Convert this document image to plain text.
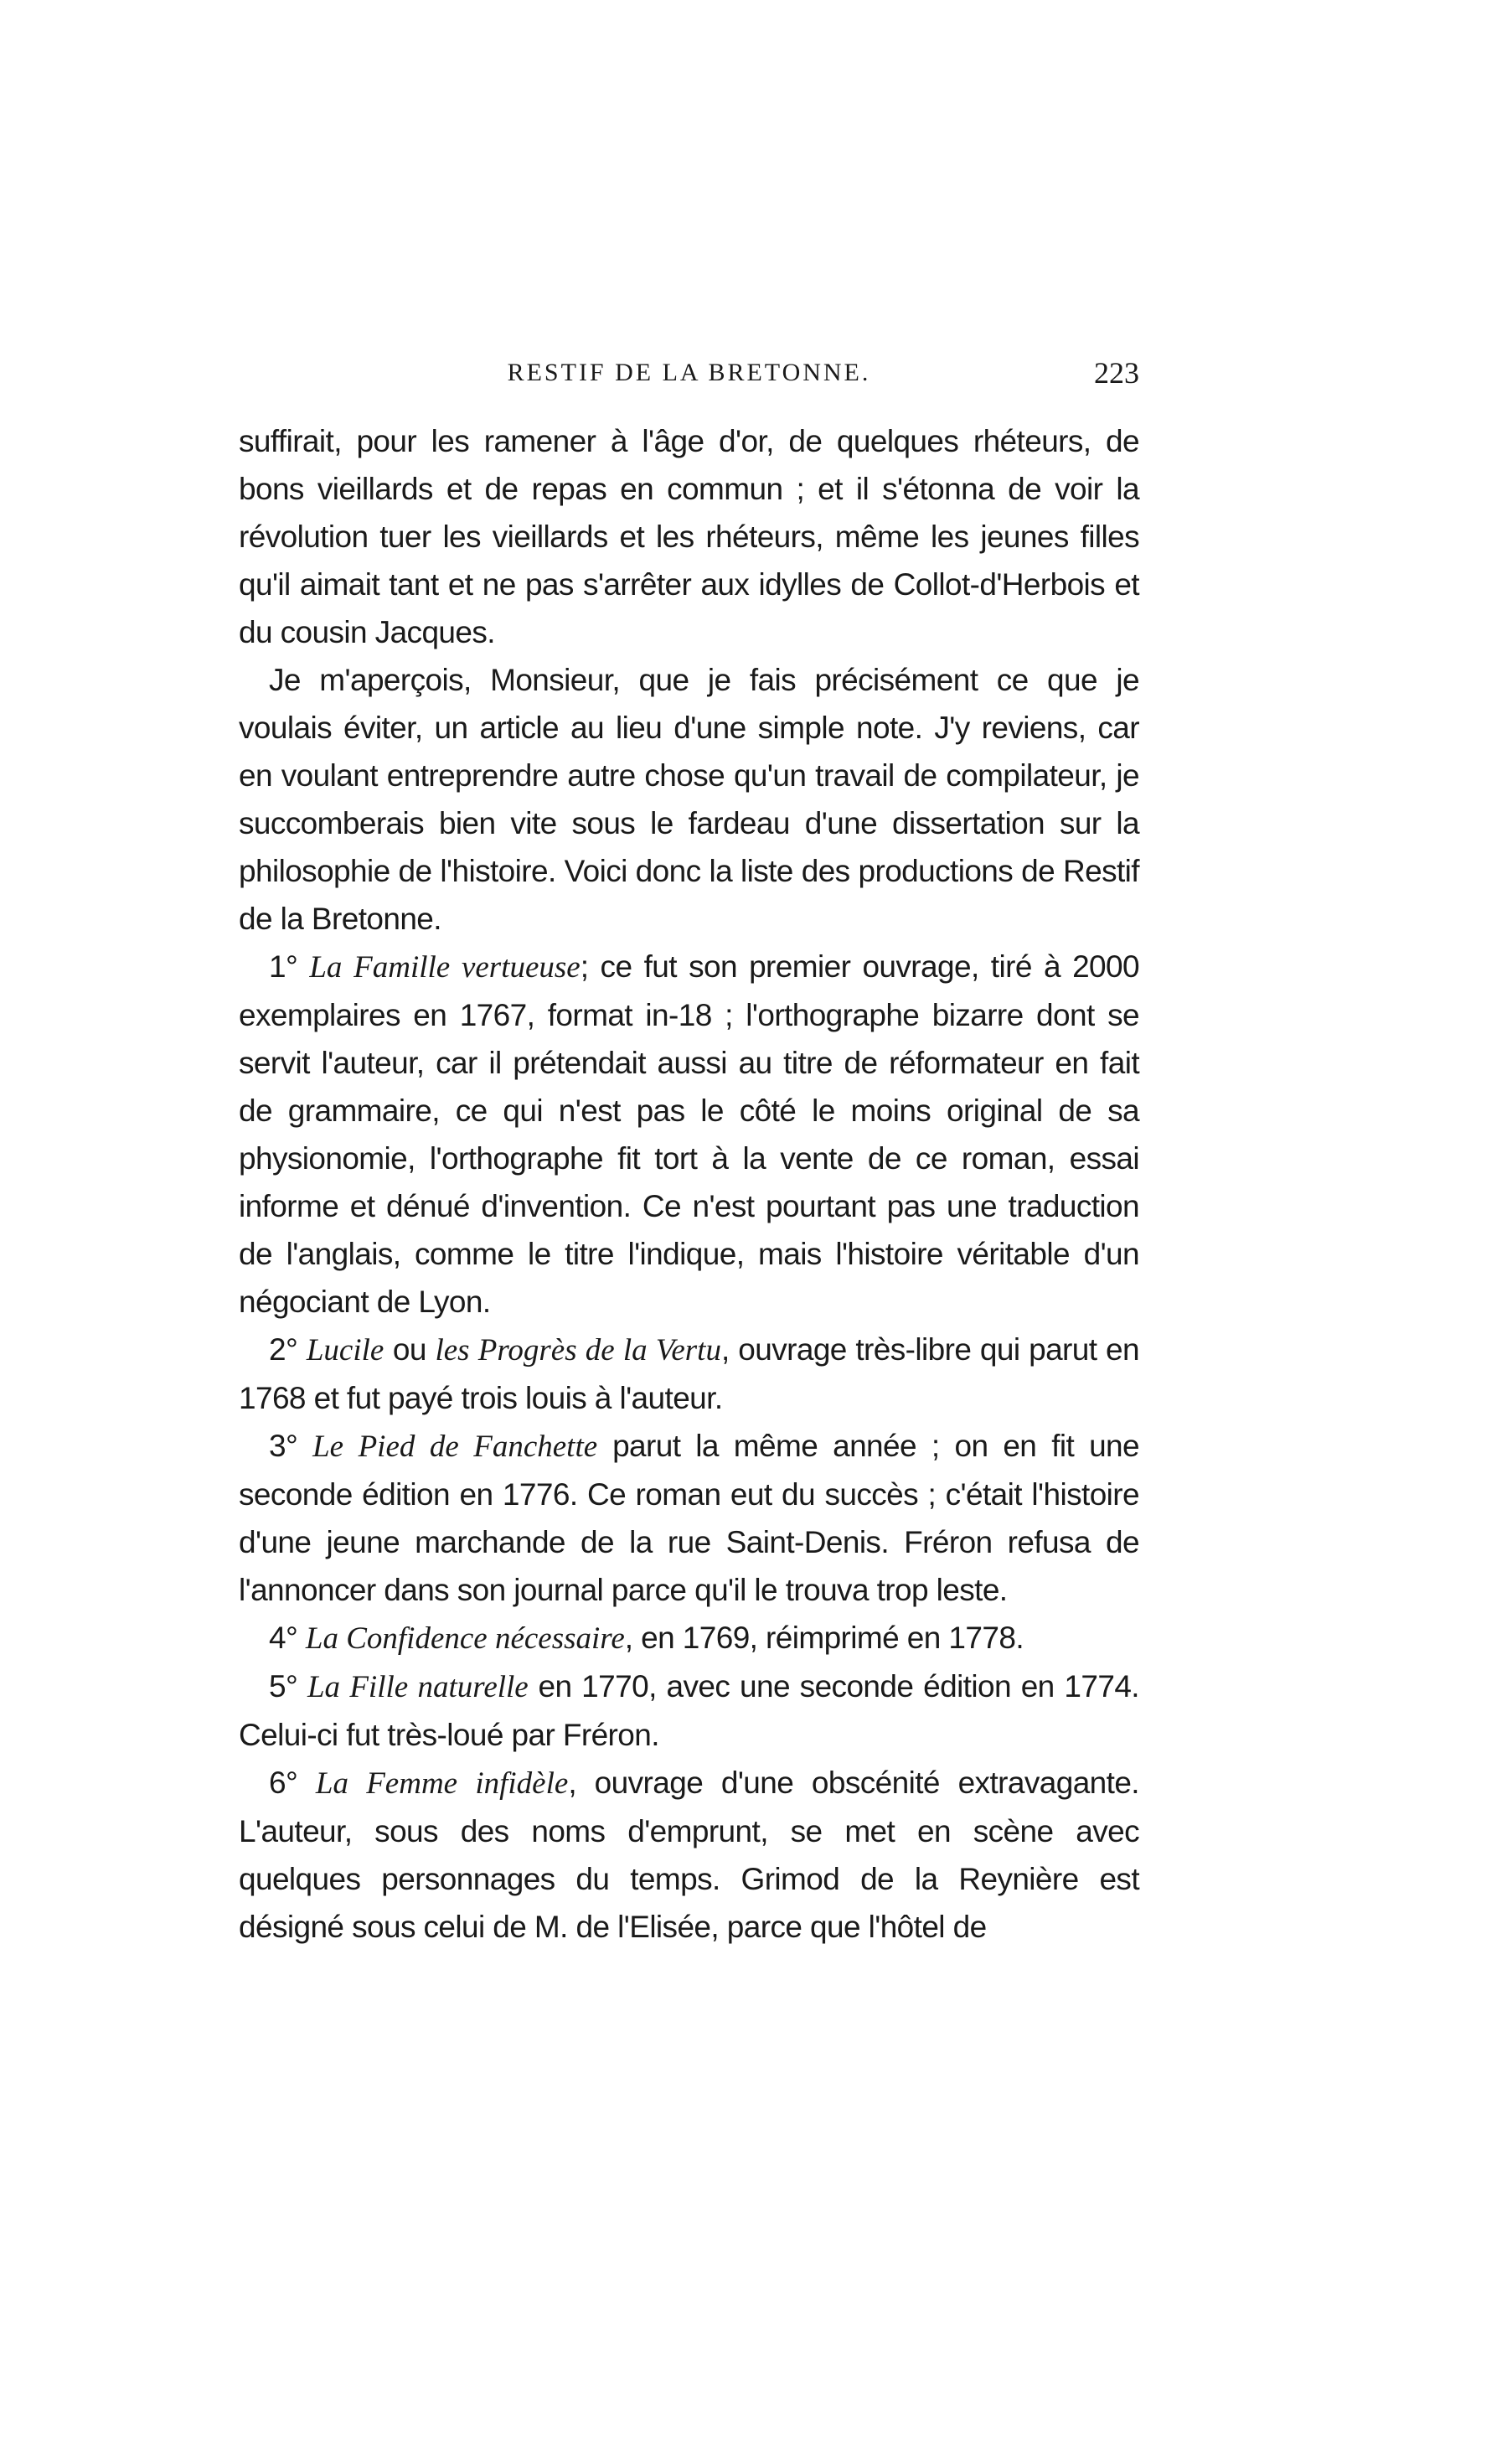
RESTIF DE LA BRETONNE.	223

suffirait, pour les ramener à l'âge d'or, de quelques rhéteurs, de bons vieillards et de repas en commun ; et il s'étonna de voir la révolution tuer les vieillards et les rhéteurs, même les jeunes filles qu'il aimait tant et ne pas s'arrêter aux idylles de Collot-d'Herbois et du cousin Jacques.

Je m'aperçois, Monsieur, que je fais précisément ce que je voulais éviter, un article au lieu d'une simple note. J'y reviens, car en voulant entreprendre autre chose qu'un travail de compilateur, je succomberais bien vite sous le fardeau d'une dissertation sur la philosophie de l'histoire. Voici donc la liste des productions de Restif de la Bretonne.

1° La Famille vertueuse; ce fut son premier ouvrage, tiré à 2000 exemplaires en 1767, format in-18 ; l'orthographe bizarre dont se servit l'auteur, car il prétendait aussi au titre de réformateur en fait de grammaire, ce qui n'est pas le côté le moins original de sa physionomie, l'orthographe fit tort à la vente de ce roman, essai informe et dénué d'invention. Ce n'est pourtant pas une traduction de l'anglais, comme le titre l'indique, mais l'histoire véritable d'un négociant de Lyon.

2° Lucile ou les Progrès de la Vertu, ouvrage très-libre qui parut en 1768 et fut payé trois louis à l'auteur.

3° Le Pied de Fanchette parut la même année ; on en fit une seconde édition en 1776. Ce roman eut du succès ; c'était l'histoire d'une jeune marchande de la rue Saint-Denis. Fréron refusa de l'annoncer dans son journal parce qu'il le trouva trop leste.

4° La Confidence nécessaire, en 1769, réimprimé en 1778.

5° La Fille naturelle en 1770, avec une seconde édition en 1774. Celui-ci fut très-loué par Fréron.

6° La Femme infidèle, ouvrage d'une obscénité extravagante. L'auteur, sous des noms d'emprunt, se met en scène avec quelques personnages du temps. Grimod de la Reynière est désigné sous celui de M. de l'Elisée, parce que l'hôtel de
